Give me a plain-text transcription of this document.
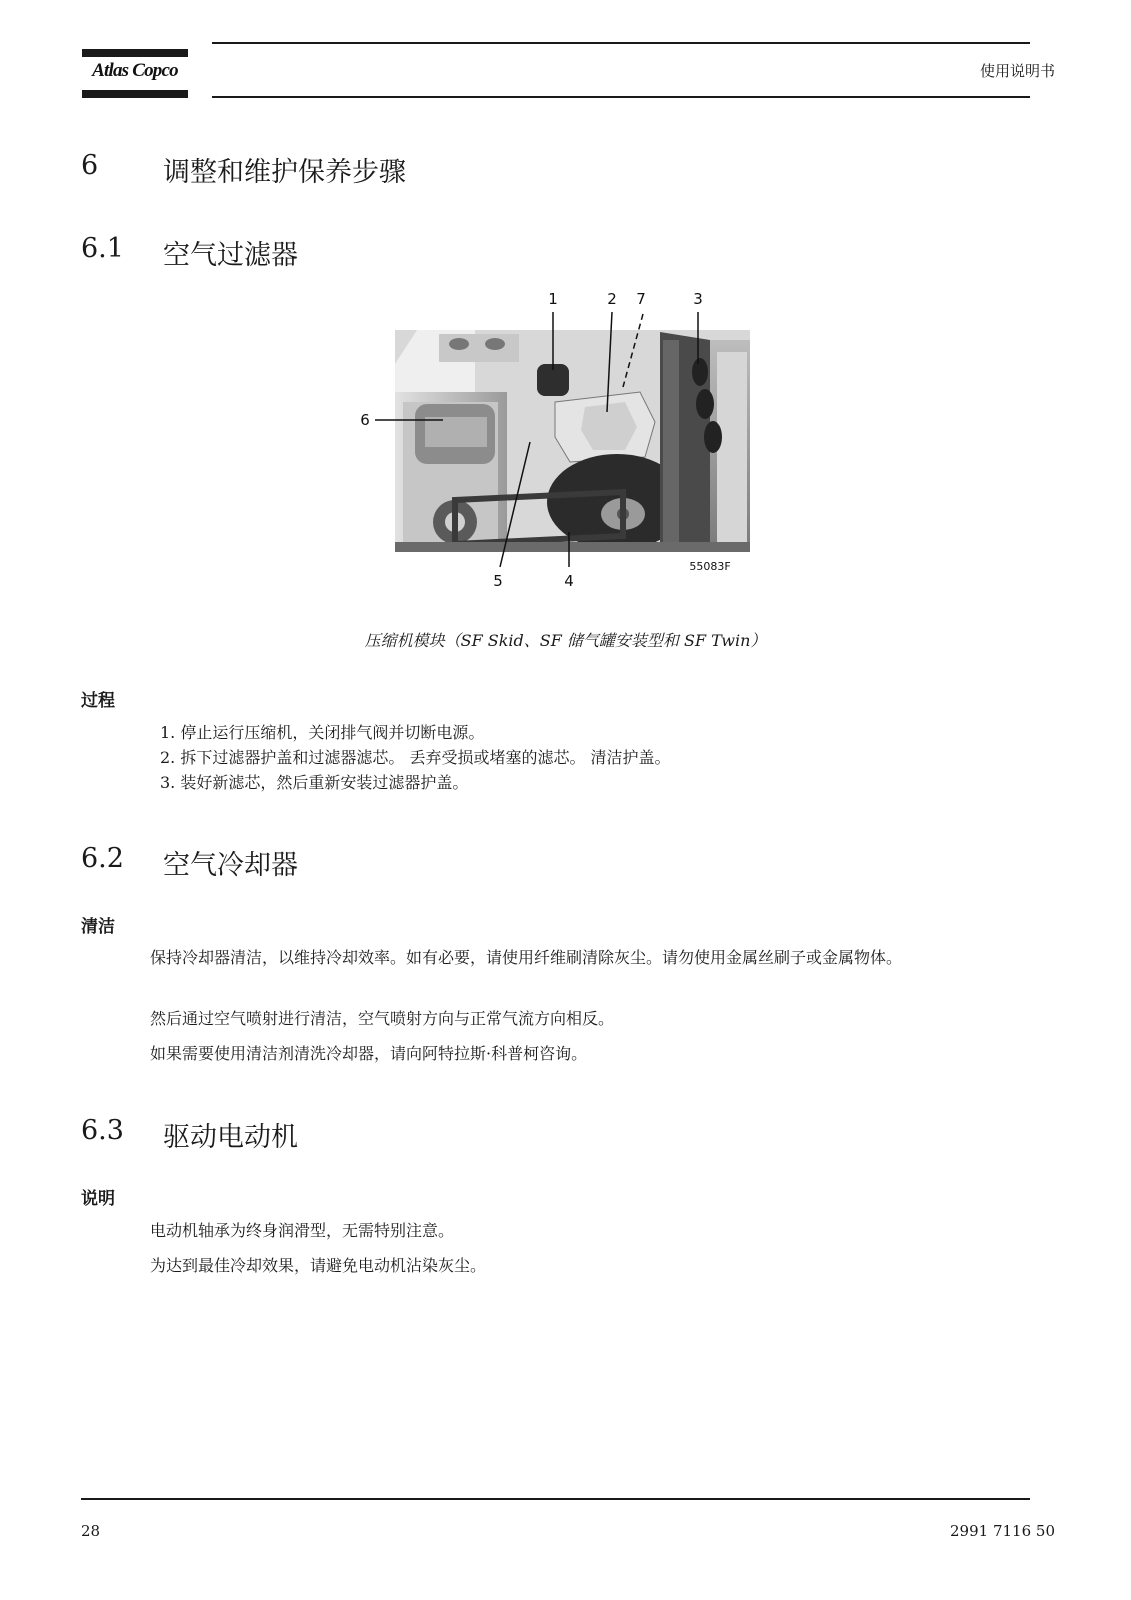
Atlas Copco	使用说明书
6 调整和维护保养步骤
6.1 空气过滤器
1	2 7	3
6
5	4
55083F
压缩机模块（SF Skid、SF 储气罐安装型和 SF Twin）
过程
1. 停止运行压缩机，关闭排气阀并切断电源。
2. 拆下过滤器护盖和过滤器滤芯。 丢弃受损或堵塞的滤芯。 清洁护盖。
3. 装好新滤芯，然后重新安装过滤器护盖。
6.2 空气冷却器
清洁
保持冷却器清洁，以维持冷却效率。如有必要，请使用纤维刷清除灰尘。请勿使用金属丝刷子或金属物体。
然后通过空气喷射进行清洁，空气喷射方向与正常气流方向相反。
如果需要使用清洁剂清洗冷却器，请向阿特拉斯·科普柯咨询。
6.3 驱动电动机
说明
电动机轴承为终身润滑型，无需特别注意。
为达到最佳冷却效果，请避免电动机沾染灰尘。
28	2991 7116 50
